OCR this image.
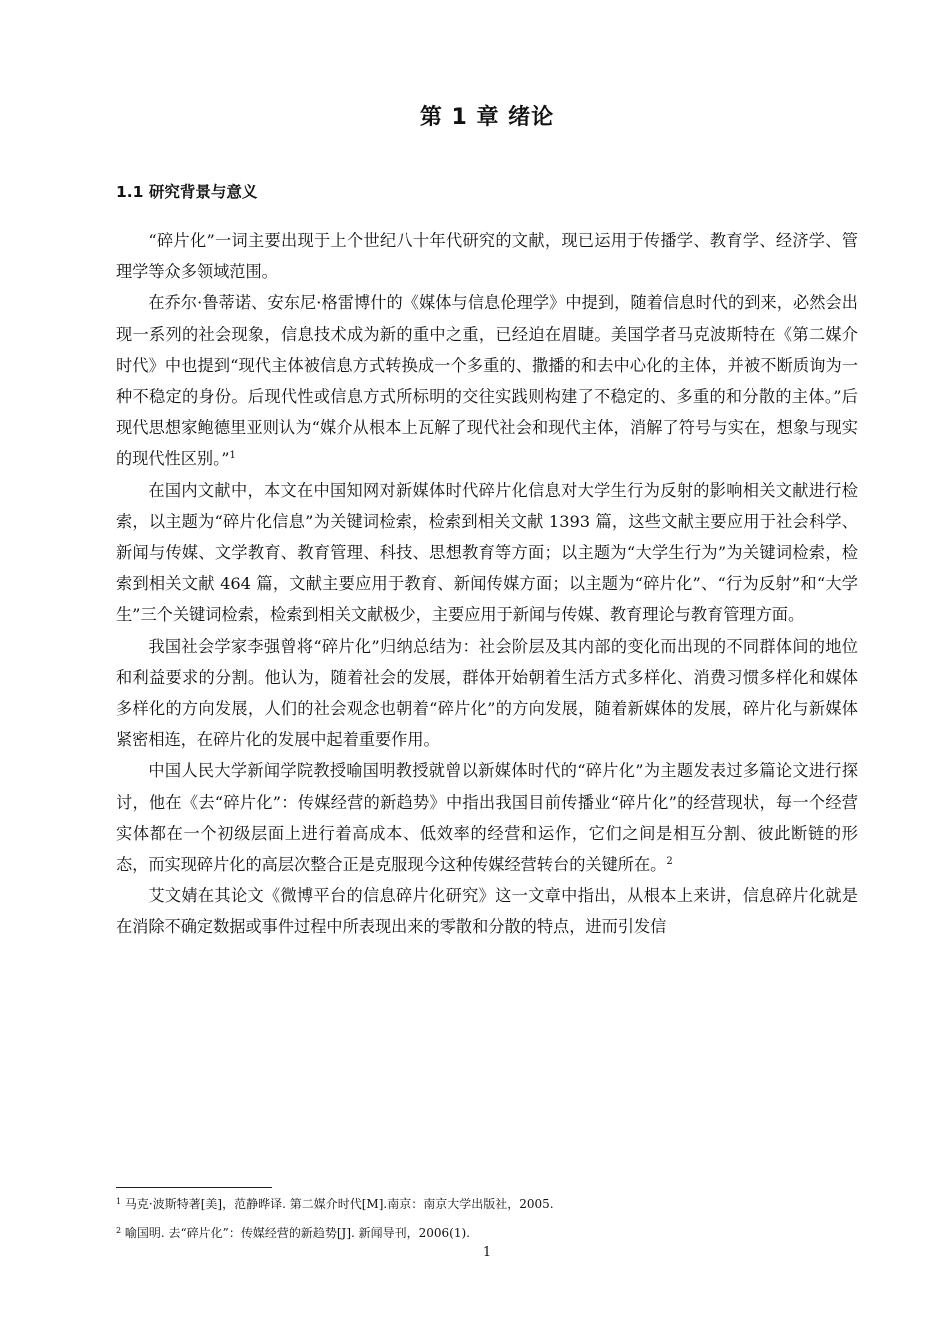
第 1 章 绪论
1.1 研究背景与意义

“碎片化”一词主要出现于上个世纪八十年代研究的文献，现已运用于传播学、教育学、经济学、管理学等众多领域范围。

在乔尔·鲁蒂诺、安东尼·格雷博什的《媒体与信息伦理学》中提到，随着信息时代的到来，必然会出现一系列的社会现象，信息技术成为新的重中之重，已经迫在眉睫。美国学者马克波斯特在《第二媒介时代》中也提到“现代主体被信息方式转换成一个多重的、撒播的和去中心化的主体，并被不断质询为一种不稳定的身份。后现代性或信息方式所标明的交往实践则构建了不稳定的、多重的和分散的主体。”后现代思想家鲍德里亚则认为“媒介从根本上瓦解了现代社会和现代主体，消解了符号与实在，想象与现实的现代性区别。”$^1$

在国内文献中，本文在中国知网对新媒体时代碎片化信息对大学生行为反射的影响相关文献进行检索，以主题为“碎片化信息”为关键词检索，检索到相关文献 1393 篇，这些文献主要应用于社会科学、新闻与传媒、文学教育、教育管理、科技、思想教育等方面；以主题为“大学生行为”为关键词检索，检索到相关文献 464 篇，文献主要应用于教育、新闻传媒方面；以主题为“碎片化”、“行为反射”和“大学生”三个关键词检索，检索到相关文献极少，主要应用于新闻与传媒、教育理论与教育管理方面。

我国社会学家李强曾将“碎片化”归纳总结为：社会阶层及其内部的变化而出现的不同群体间的地位和利益要求的分割。他认为，随着社会的发展，群体开始朝着生活方式多样化、消费习惯多样化和媒体多样化的方向发展，人们的社会观念也朝着“碎片化”的方向发展，随着新媒体的发展，碎片化与新媒体紧密相连，在碎片化的发展中起着重要作用。

中国人民大学新闻学院教授喻国明教授就曾以新媒体时代的“碎片化”为主题发表过多篇论文进行探讨，他在《去“碎片化”：传媒经营的新趋势》中指出我国目前传播业“碎片化”的经营现状，每一个经营实体都在一个初级层面上进行着高成本、低效率的经营和运作，它们之间是相互分割、彼此断链的形态，而实现碎片化的高层次整合正是克服现今这种传媒经营转台的关键所在。$^2$

艾文婧在其论文《微博平台的信息碎片化研究》这一文章中指出，从根本上来讲，信息碎片化就是在消除不确定数据或事件过程中所表现出来的零散和分散的特点，进而引发信

$^1$ 马克·波斯特著[美]，范静晔译. 第二媒介时代[M].南京：南京大学出版社，2005.

$^2$ 喻国明. 去“碎片化”：传媒经营的新趋势[J]. 新闻导刊，2006(1).

1
